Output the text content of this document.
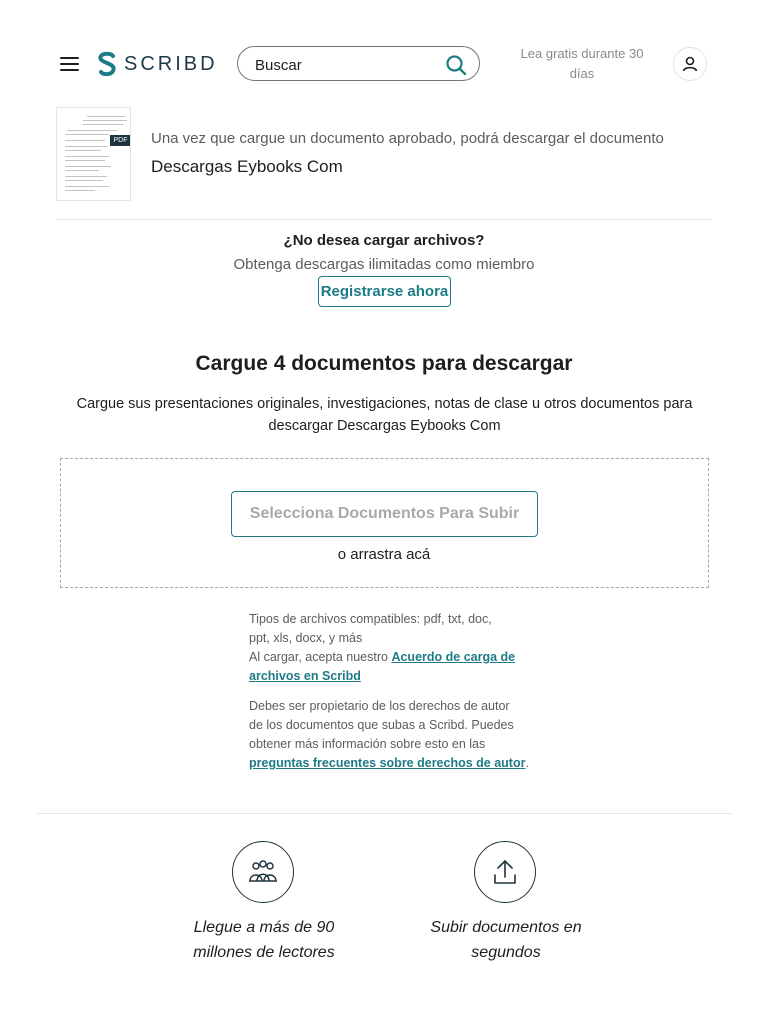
SCRIBD
Buscar	Lea gratis durante 30
días
PDF Una vez que cargue un documento aprobado, podrá descargar el documento
Descargas Eybooks Com
¿No desea cargar archivos?
Obtenga descargas ilimitadas como miembro
Registrarse ahora
Cargue 4 documentos para descargar
Cargue sus presentaciones originales, investigaciones, notas de clase u otros documentos para
descargar Descargas Eybooks Com
Selecciona Documentos Para Subir
o arrastra acá
Tipos de archivos compatibles: pdf, txt, doc,
ppt, xls, docx, y más
Al cargar, acepta nuestro Acuerdo de carga de
archivos en Scribd
Debes ser propietario de los derechos de autor
de los documentos que subas a Scribd. Puedes
obtener más información sobre esto en las
preguntas frecuentes sobre derechos de autor.
Llegue a más de 90
millones de lectores
Subir documentos en
segundos
